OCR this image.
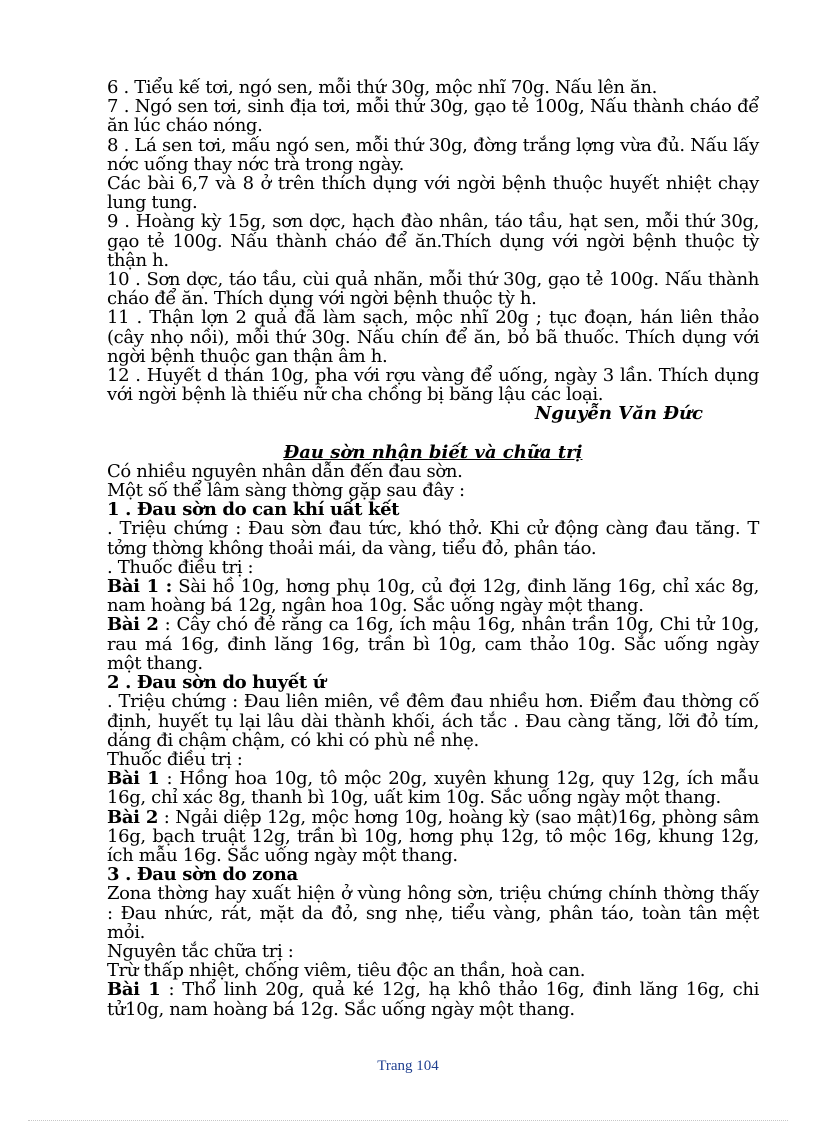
6 . Tiểu kế tơi, ngó sen, mỗi thứ 30g, mộc nhĩ 70g. Nấu lên ăn.

7 . Ngó sen tơi, sinh địa tơi, mỗi thứ 30g, gạo tẻ 100g, Nấu thành cháo để ăn lúc cháo nóng.

8 . Lá sen tơi, mấu ngó sen, mỗi thứ 30g, đờng trắng lợng vừa đủ. Nấu lấy nớc uống thay nớc trà trong ngày.

Các bài 6,7 và 8 ở trên thích dụng với ngời bệnh thuộc huyết nhiệt chạy lung tung.

9 . Hoàng kỳ 15g, sơn dợc, hạch đào nhân, táo tầu, hạt sen, mỗi thứ 30g, gạo tẻ 100g. Nấu thành cháo để ăn.Thích dụng với ngời bệnh thuộc tỳ thận h.

10 . Sơn dợc, táo tầu, cùi quả nhãn, mỗi thứ 30g, gạo tẻ 100g. Nấu thành cháo để ăn. Thích dụng với ngời bệnh thuộc tỳ h.

11 . Thận lợn 2 quả đã làm sạch, mộc nhĩ 20g ; tục đoạn, hán liên thảo (cây nhọ nồi), mỗi thứ 30g. Nấu chín để ăn, bỏ bã thuốc. Thích dụng với ngời bệnh thuộc gan thận âm h.

12 . Huyết d thán 10g, pha với rợu vàng để uống, ngày 3 lần. Thích dụng với ngời bệnh là thiếu nữ cha chồng bị băng lậu các loại.

Nguyễn Văn Đức

Đau sờn nhận biết và chữa trị

Có nhiều nguyên nhân dẫn đến đau sờn.

Một số thể lâm sàng thờng gặp sau đây :

1 . Đau sờn do can khí uất kết

. Triệu chứng : Đau sờn đau tức, khó thở. Khi cử động càng đau tăng. T tởng thờng không thoải mái, da vàng, tiểu đỏ, phân táo.

. Thuốc điều trị :

Bài 1 : Sài hồ 10g, hơng phụ 10g, củ đợi 12g, đinh lăng 16g, chỉ xác 8g, nam hoàng bá 12g, ngân hoa 10g. Sắc uống ngày một thang.

Bài 2 : Cây chó đẻ răng ca 16g, ích mậu 16g, nhân trần 10g, Chi tử 10g, rau má 16g, đinh lăng 16g, trần bì 10g, cam thảo 10g. Sắc uống ngày một thang.

2 . Đau sờn do huyết ứ

. Triệu chứng : Đau liên miên, về đêm đau nhiều hơn. Điểm đau thờng cố định, huyết tụ lại lâu dài thành khối, ách tắc . Đau càng tăng, lỡi đỏ tím, dáng đi chậm chậm, có khi có phù nề nhẹ.

Thuốc điều trị :

Bài 1 : Hồng hoa 10g, tô mộc 20g, xuyên khung 12g, quy 12g, ích mẫu 16g, chỉ xác 8g, thanh bì 10g, uất kim 10g. Sắc uống ngày một thang.

Bài 2 : Ngải diệp 12g, mộc hơng 10g, hoàng kỳ (sao mật)16g, phòng sâm 16g, bạch truật 12g, trần bì 10g, hơng phụ 12g, tô mộc 16g, khung 12g, ích mẫu 16g. Sắc uống ngày một thang.

3 . Đau sờn do zona

Zona thờng hay xuất hiện ở vùng hông sờn, triệu chứng chính thờng thấy : Đau nhức, rát, mặt da đỏ, sng nhẹ, tiểu vàng, phân táo, toàn tân mệt mỏi.

Nguyên tắc chữa trị :

Trừ thấp nhiệt, chống viêm, tiêu độc an thần, hoà can.

Bài 1 : Thổ linh 20g, quả ké 12g, hạ khô thảo 16g, đinh lăng 16g, chi tử10g, nam hoàng bá 12g. Sắc uống ngày một thang.

Trang 104
